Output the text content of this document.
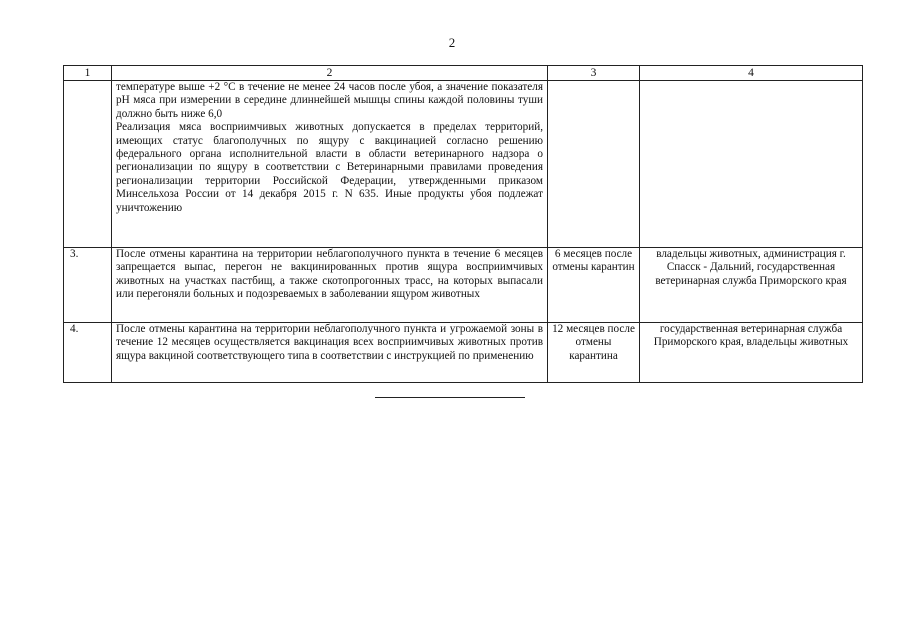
2
1	2	3	4

	температуре выше +2 °С в течение не менее 24 часов после убоя, а значение показателя рН мяса при измерении в середине длиннейшей мышцы спины каждой половины туши должно быть ниже 6,0

Реализация мяса восприимчивых животных допускается в пределах территорий, имеющих статус благополучных по ящуру с вакцинацией согласно решению федерального органа исполнительной власти в области ветеринарного надзора о регионализации по ящуру в соответствии с Ветеринарными правилами проведения регионализации территории Российской Федерации, утвержденными приказом Минсельхоза России от 14 декабря 2015 г. N 635. Иные продукты убоя подлежат уничтожению		

3.	После отмены карантина на территории неблагополучного пункта в течение 6 месяцев запрещается выпас, перегон не вакцинированных против ящура восприимчивых животных на участках пастбищ, а также скотопрогонных трасс, на которых выпасали или перегоняли больных и подозреваемых в заболевании ящуром животных	6 месяцев после отмены карантин	владельцы животных, администрация г. Спасск - Дальний, государственная ветеринарная служба Приморского края
4.	После отмены карантина на территории неблагополучного пункта и угрожаемой зоны в течение 12 месяцев осуществляется вакцинация всех восприимчивых животных против ящура вакциной соответствующего типа в соответствии с инструкцией по применению	12 месяцев после отмены карантина	государственная ветеринарная служба Приморского края, владельцы животных
